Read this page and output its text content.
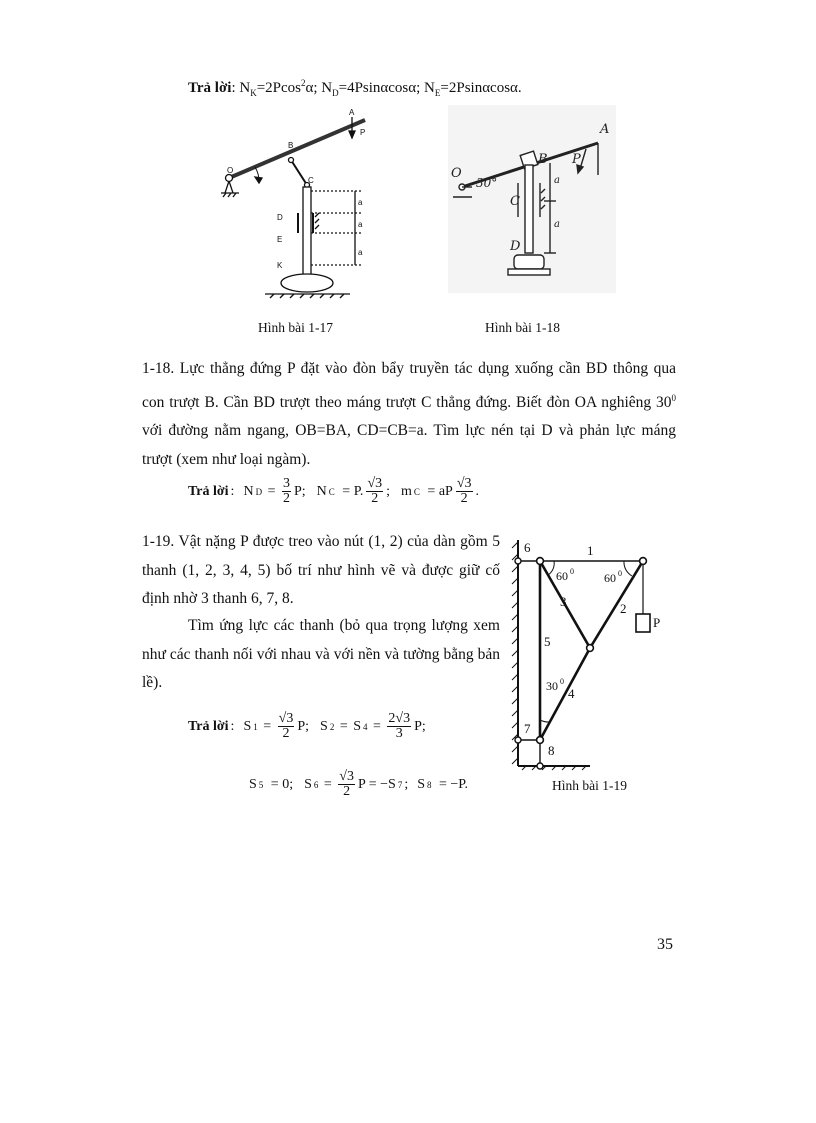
Trả lời: $N_K=2Pcos^2\alpha$; $N_D=4Psin\alpha\cos\alpha$; $N_E=2Psin\alpha\cos\alpha$.
A
P
B
O
C
D
E
K
a
a
a
Hình bài 1-17
A
P
O
B
C
D
a
a
30°
Hình bài 1-18
1-18. Lực thẳng đứng P đặt vào đòn bẩy truyền tác dụng xuống cần BD thông qua con trượt B. Cần BD trượt theo máng trượt C thẳng đứng. Biết đòn OA nghiêng $30^0$ với đường nằm ngang, OB=BA, CD=CB=a. Tìm lực nén tại D và phản lực máng trượt (xem như loại ngàm).
Trả lời : N $D = \frac{3}{2} P$;
N C
= P. $\frac{√3}{2}$ ;
m C
= aP $\frac{√3}{2}$ .
1-19. Vật nặng P được treo vào nút (1, 2) của dàn gồm 5 thanh (1, 2, 3, 4, 5) bố trí như hình vẽ và được giữ cố định nhờ 3 thanh 6, 7, 8.
Tìm ứng lực các thanh (bỏ qua trọng lượng xem như các thanh nối với nhau và với nền và tường bằng bản lề).
Trả lời : S $1 = \frac{√3}{2} P$;
S 2 = S $4 = \frac{2√3}{3} P$;
S 5
= 0;
S $6 = \frac{√3}{2}$ P = −S 7 ; S 8
= −P.
6	1
3	2
P
5
4
7
8
60 0	60 0
30 0
Hình bài 1-19
35
